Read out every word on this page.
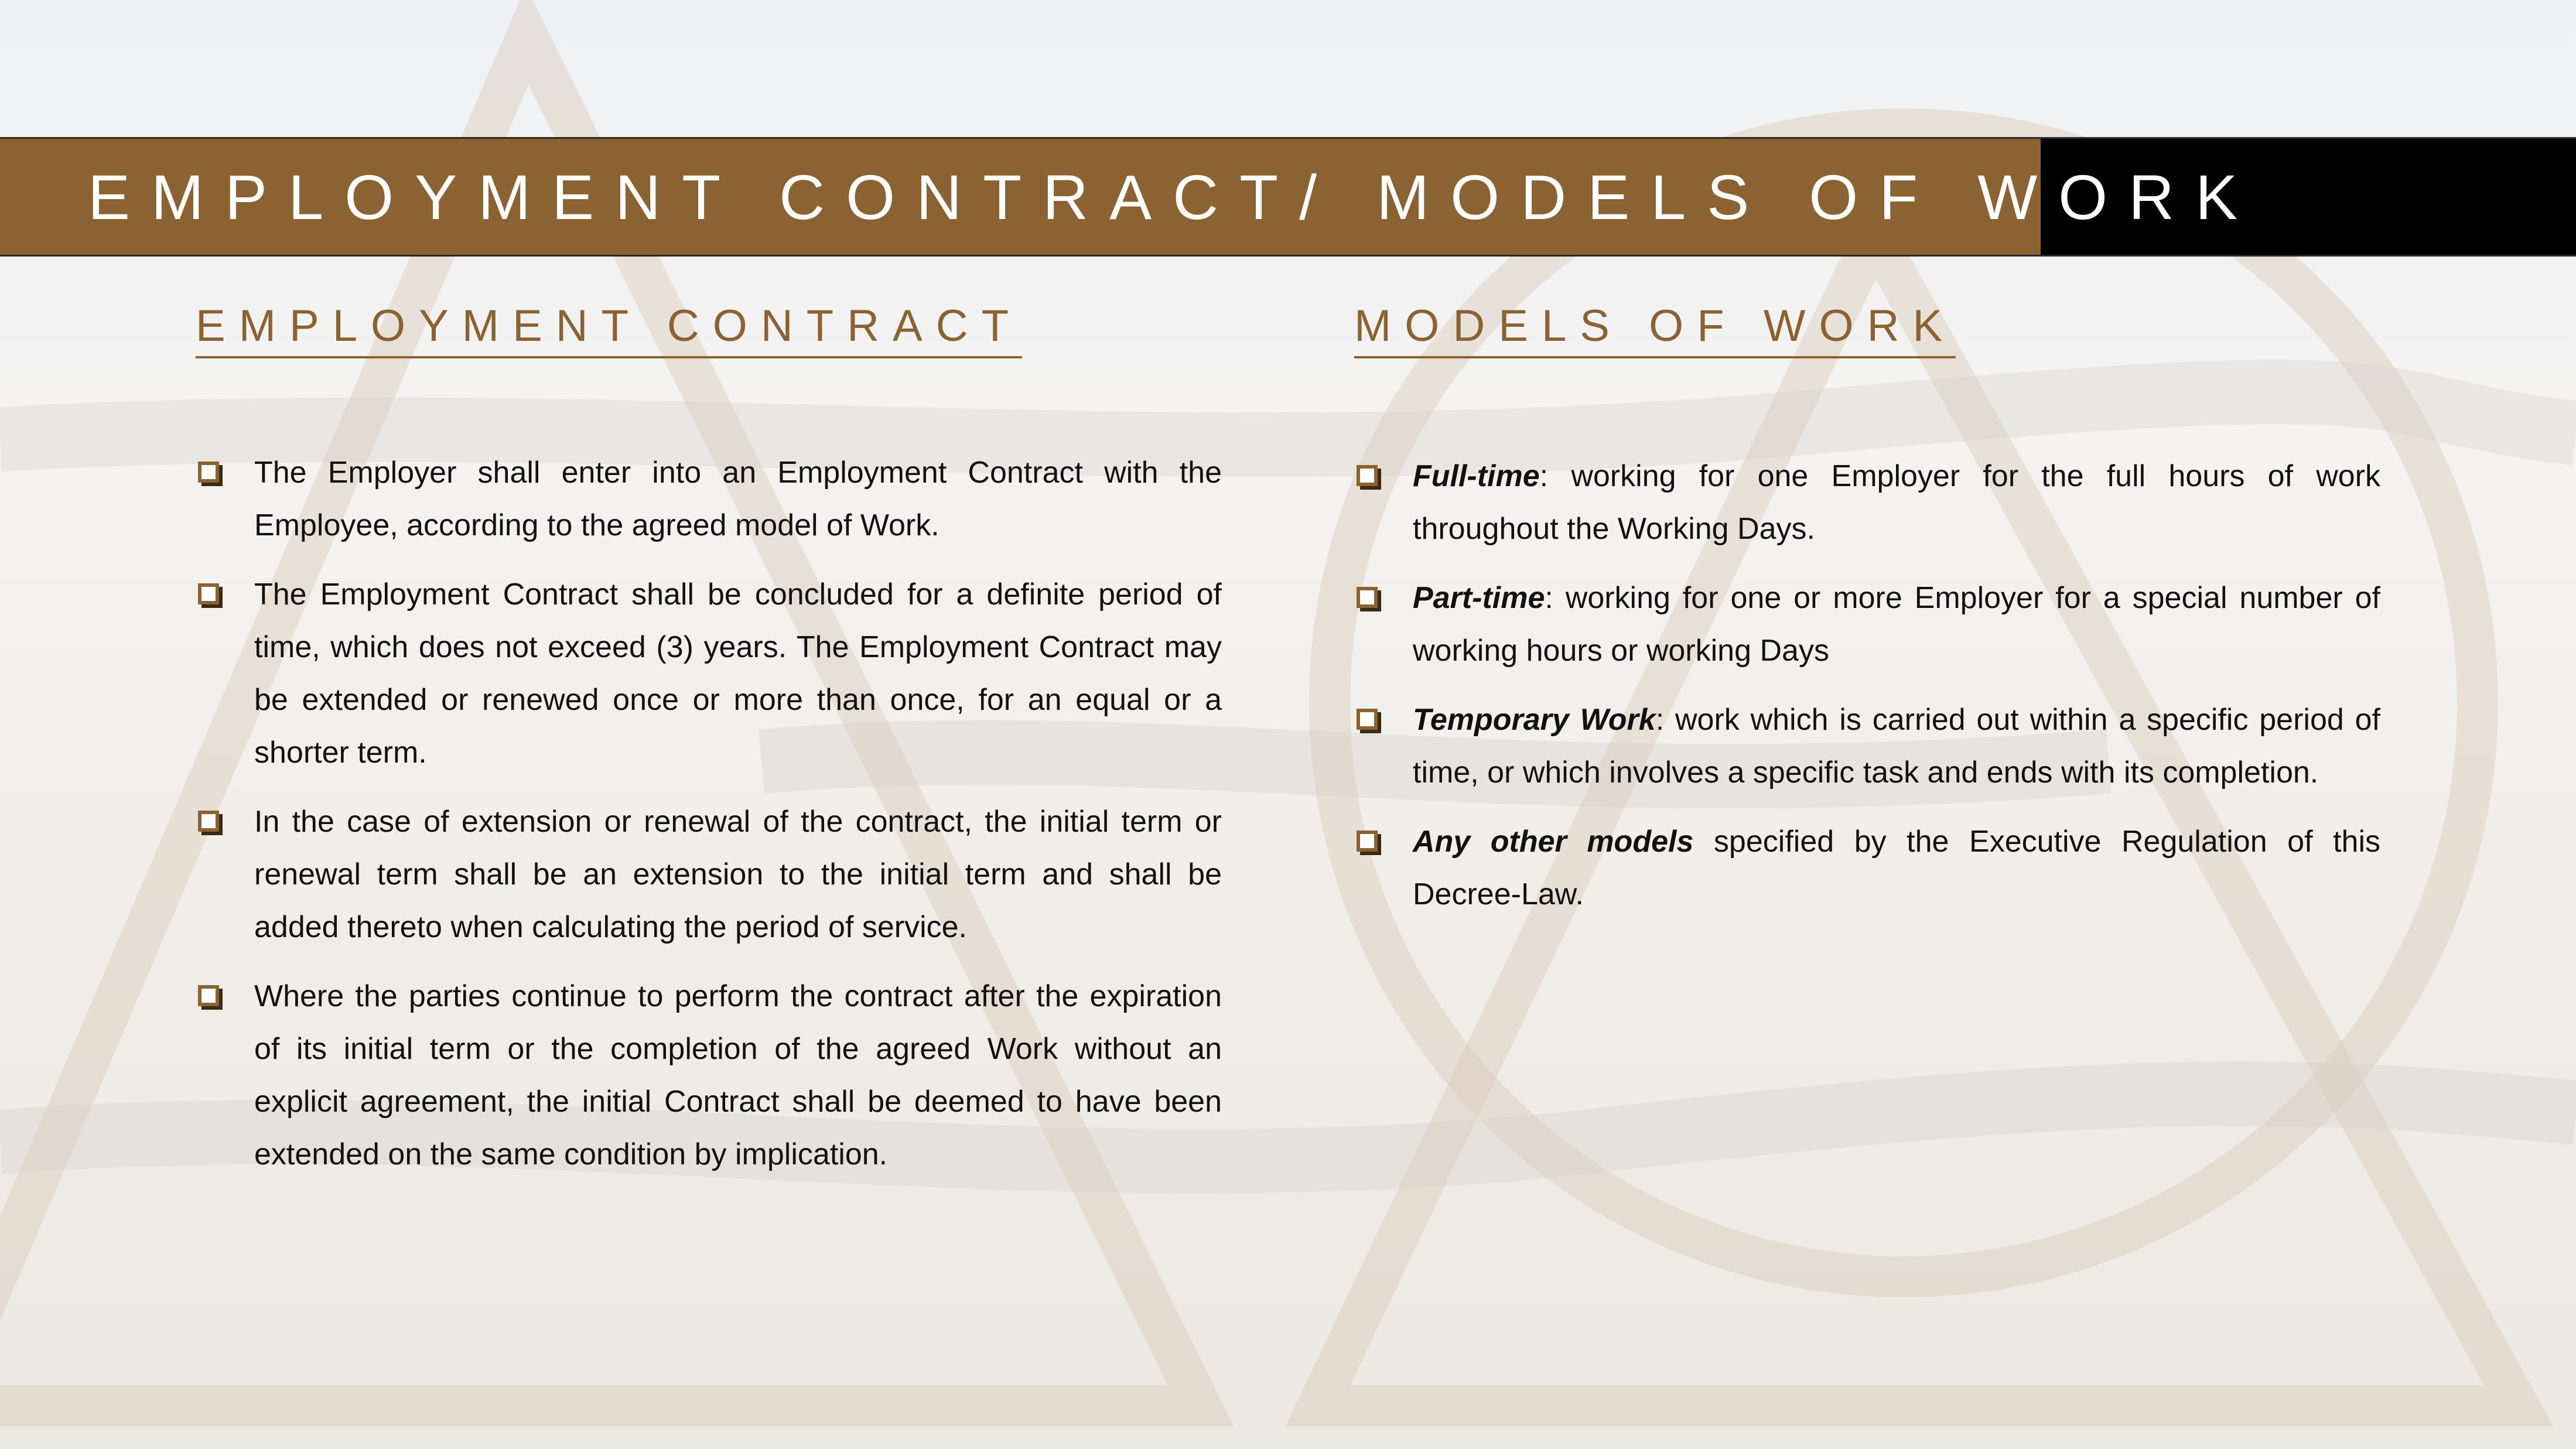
EMPLOYMENT CONTRACT/ MODELS OF WORK
EMPLOYMENT CONTRACT
The Employer shall enter into an Employment Contract with the Employee, according to the agreed model of Work.
The Employment Contract shall be concluded for a definite period of time, which does not exceed (3) years. The Employment Contract may be extended or renewed once or more than once, for an equal or a shorter term.
In the case of extension or renewal of the contract, the initial term or renewal term shall be an extension to the initial term and shall be added thereto when calculating the period of service.
Where the parties continue to perform the contract after the expiration of its initial term or the completion of the agreed Work without an explicit agreement, the initial Contract shall be deemed to have been extended on the same condition by implication.
MODELS OF WORK
Full-time: working for one Employer for the full hours of work throughout the Working Days.
Part-time: working for one or more Employer for a special number of working hours or working Days
Temporary Work: work which is carried out within a specific period of time, or which involves a specific task and ends with its completion.
Any other models specified by the Executive Regulation of this Decree-Law.
